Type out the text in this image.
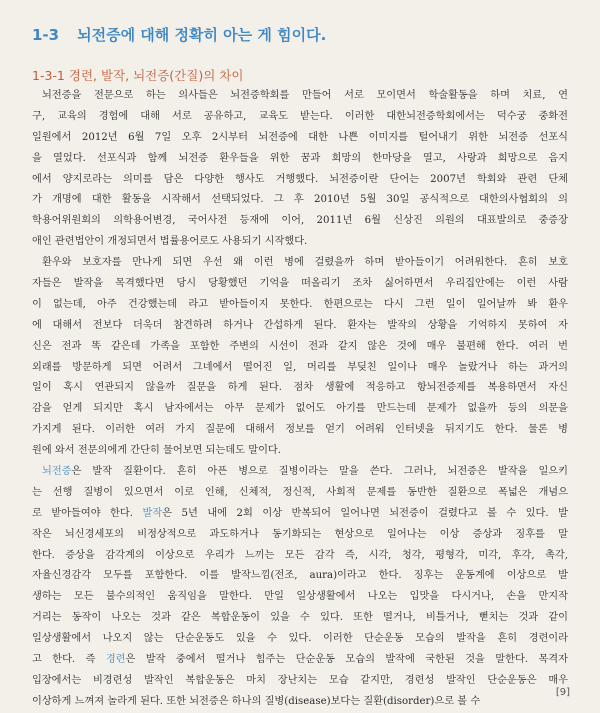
1-3 뇌전증에 대해 정확히 아는 게 힘이다.
1-3-1 경련, 발작, 뇌전증(간질)의 차이
뇌전증을 전문으로 하는 의사들은 뇌전증학회를 만들어 서로 모이면서 학술활동을 하며 치료, 연
구, 교육의 경험에 대해 서로 공유하고, 교육도 받는다. 이러한 대한뇌전증학회에서는 덕수궁 중화전
일원에서 2012년 6월 7일 오후 2시부터 뇌전증에 대한 나쁜 이미지를 털어내기 위한 뇌전증 선포식
을 열었다. 선포식과 함께 뇌전증 환우들을 위한 꿈과 희망의 한마당을 열고, 사랑과 희망으로 음지
에서 양지로라는 의미를 담은 다양한 행사도 거행했다. 뇌전증이란 단어는 2007년 학회와 관련 단체
가 개명에 대한 활동을 시작해서 선택되었다. 그 후 2010년 5월 30일 공식적으로 대한의사협회의 의
학용어위원회의 의학용어변경, 국어사전 등재에 이어, 2011년 6월 신상진 의원의 대표발의로 중증장
애인 관련법안이 개정되면서 법률용어로도 사용되기 시작했다.
환우와 보호자를 만나게 되면 우선 왜 이런 병에 걸렸을까 하며 받아들이기 어려워한다. 흔히 보호
자들은 발작을 목격했다면 당시 당황했던 기억을 떠올리기 조차 싫어하면서 우리집안에는 이런 사람
이 없는데, 아주 건강했는데 라고 받아들이지 못한다. 한편으로는 다시 그런 일이 일어날까 봐 환우
에 대해서 전보다 더욱더 참견하려 하거나 간섭하게 된다. 환자는 발작의 상황을 기억하지 못하여 자
신은 전과 똑 같은데 가족을 포함한 주변의 시선이 전과 같지 않은 것에 매우 불편해 한다. 여러 번
외래를 방문하게 되면 어려서 그네에서 떨어진 일, 머리를 부딪친 일이나 매우 놀랐거나 하는 과거의
일이 혹시 연관되지 않을까 질문을 하게 된다. 점차 생활에 적응하고 항뇌전증제를 복용하면서 자신
감을 얻게 되지만 혹시 남자에서는 아무 문제가 없어도 아기를 만드는데 문제가 없을까 등의 의문을
가지게 된다. 이러한 여러 가지 질문에 대해서 정보를 얻기 어려워 인터넷을 뒤지기도 한다. 물론 병
원에 와서 전문의에게 간단히 물어보면 되는데도 말이다.
뇌전증은 발작 질환이다. 흔히 아픈 병으로 질병이라는 말을 쓴다. 그러나, 뇌전증은 발작을 일으키
는 선행 질병이 있으면서 이로 인해, 신체적, 정신적, 사회적 문제를 동반한 질환으로 폭넓은 개념으
로 받아들여야 한다. 발작은 5년 내에 2회 이상 반복되어 일어나면 뇌전증이 걸렸다고 볼 수 있다. 발
작은 뇌신경세포의 비정상적으로 과도하거나 동기화되는 현상으로 일어나는 이상 증상과 징후를 말
한다. 증상을 감각계의 이상으로 우리가 느끼는 모든 감각 즉, 시각, 청각, 평형각, 미각, 후각, 촉각,
자율신경감각 모두를 포함한다. 이를 발작느낌(전조, aura)이라고 한다. 징후는 운동계에 이상으로 발
생하는 모든 불수의적인 움직임을 말한다. 만일 일상생활에서 나오는 입맛을 다시거나, 손을 만지작
거리는 동작이 나오는 것과 같은 복합운동이 있을 수 있다. 또한 떨거나, 비틀거나, 뻗치는 것과 같이
일상생활에서 나오지 않는 단순운동도 있을 수 있다. 이러한 단순운동 모습의 발작을 흔히 경련이라
고 한다. 즉 경련은 발작 중에서 떨거나 힘주는 단순운동 모습의 발작에 국한된 것을 말한다. 목격자
입장에서는 비경련성 발작인 복합운동은 마치 장난치는 모습 같지만, 경련성 발작인 단순운동은 매우
이상하게 느껴져 놀라게 된다. 또한 뇌전증은 하나의 질병(disease)보다는 질환(disorder)으로 볼 수
[9]
